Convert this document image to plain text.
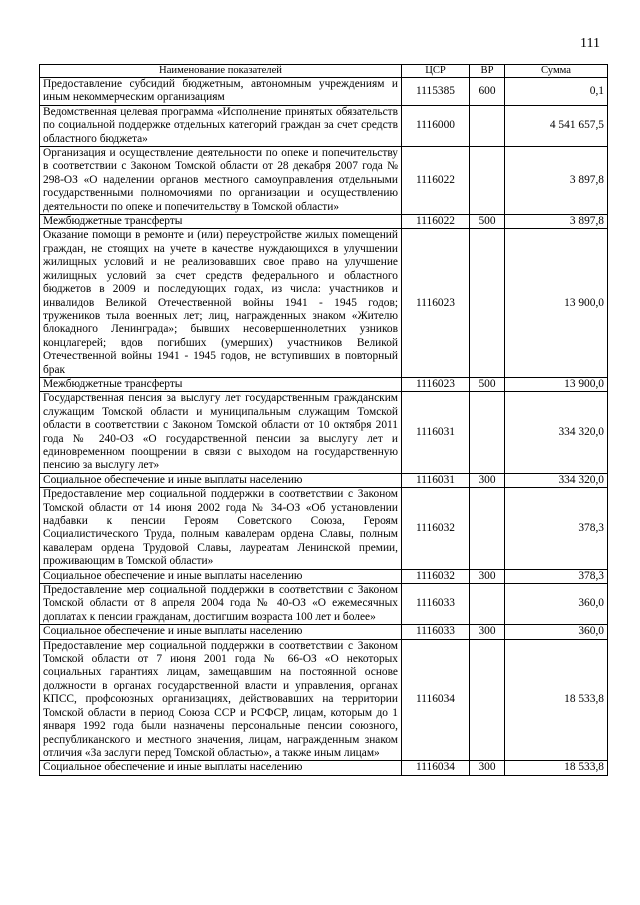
111
Наименование показателей	ЦСР	ВР	Сумма
Предоставление субсидий бюджетным, автономным учреждениям и иным некоммерческим организациям	1115385	600	0,1
Ведомственная целевая программа «Исполнение принятых обязательств по социальной поддержке отдельных категорий граждан за счет средств областного бюджета»	1116000		4 541 657,5
Организация и осуществление деятельности по опеке и попечительству в соответствии с Законом Томской области от 28 декабря 2007 года № 298-ОЗ «О наделении органов местного самоуправления отдельными государственными полномочиями по организации и осуществлению деятельности по опеке и попечительству в Томской области»	1116022		3 897,8
Межбюджетные трансферты	1116022	500	3 897,8
Оказание помощи в ремонте и (или) переустройстве жилых помещений граждан, не стоящих на учете в качестве нуждающихся в улучшении жилищных условий и не реализовавших свое право на улучшение жилищных условий за счет средств федерального и областного бюджетов в 2009 и последующих годах, из числа: участников и инвалидов Великой Отечественной войны 1941 - 1945 годов; тружеников тыла военных лет; лиц, награжденных знаком «Жителю блокадного Ленинграда»; бывших несовершеннолетних узников концлагерей; вдов погибших (умерших) участников Великой Отечественной войны 1941 - 1945 годов, не вступивших в повторный брак	1116023		13 900,0
Межбюджетные трансферты	1116023	500	13 900,0
Государственная пенсия за выслугу лет государственным гражданским служащим Томской области и муниципальным служащим Томской области в соответствии с Законом Томской области от 10 октября 2011 года № 240-ОЗ «О государственной пенсии за выслугу лет и единовременном поощрении в связи с выходом на государственную пенсию за выслугу лет»	1116031		334 320,0
Социальное обеспечение и иные выплаты населению	1116031	300	334 320,0
Предоставление мер социальной поддержки в соответствии с Законом Томской области от 14 июня 2002 года № 34-ОЗ «Об установлении надбавки к пенсии Героям Советского Союза, Героям Социалистического Труда, полным кавалерам ордена Славы, полным кавалерам ордена Трудовой Славы, лауреатам Ленинской премии, проживающим в Томской области»	1116032		378,3
Социальное обеспечение и иные выплаты населению	1116032	300	378,3
Предоставление мер социальной поддержки в соответствии с Законом Томской области от 8 апреля 2004 года № 40-ОЗ «О ежемесячных доплатах к пенсии гражданам, достигшим возраста 100 лет и более»	1116033		360,0
Социальное обеспечение и иные выплаты населению	1116033	300	360,0
Предоставление мер социальной поддержки в соответствии с Законом Томской области от 7 июня 2001 года № 66-ОЗ «О некоторых социальных гарантиях лицам, замещавшим на постоянной основе должности в органах государственной власти и управления, органах КПСС, профсоюзных организациях, действовавших на территории Томской области в период Союза ССР и РСФСР, лицам, которым до 1 января 1992 года были назначены персональные пенсии союзного, республиканского и местного значения, лицам, награжденным знаком отличия «За заслуги перед Томской областью», а также иным лицам»	1116034		18 533,8
Социальное обеспечение и иные выплаты населению	1116034	300	18 533,8
